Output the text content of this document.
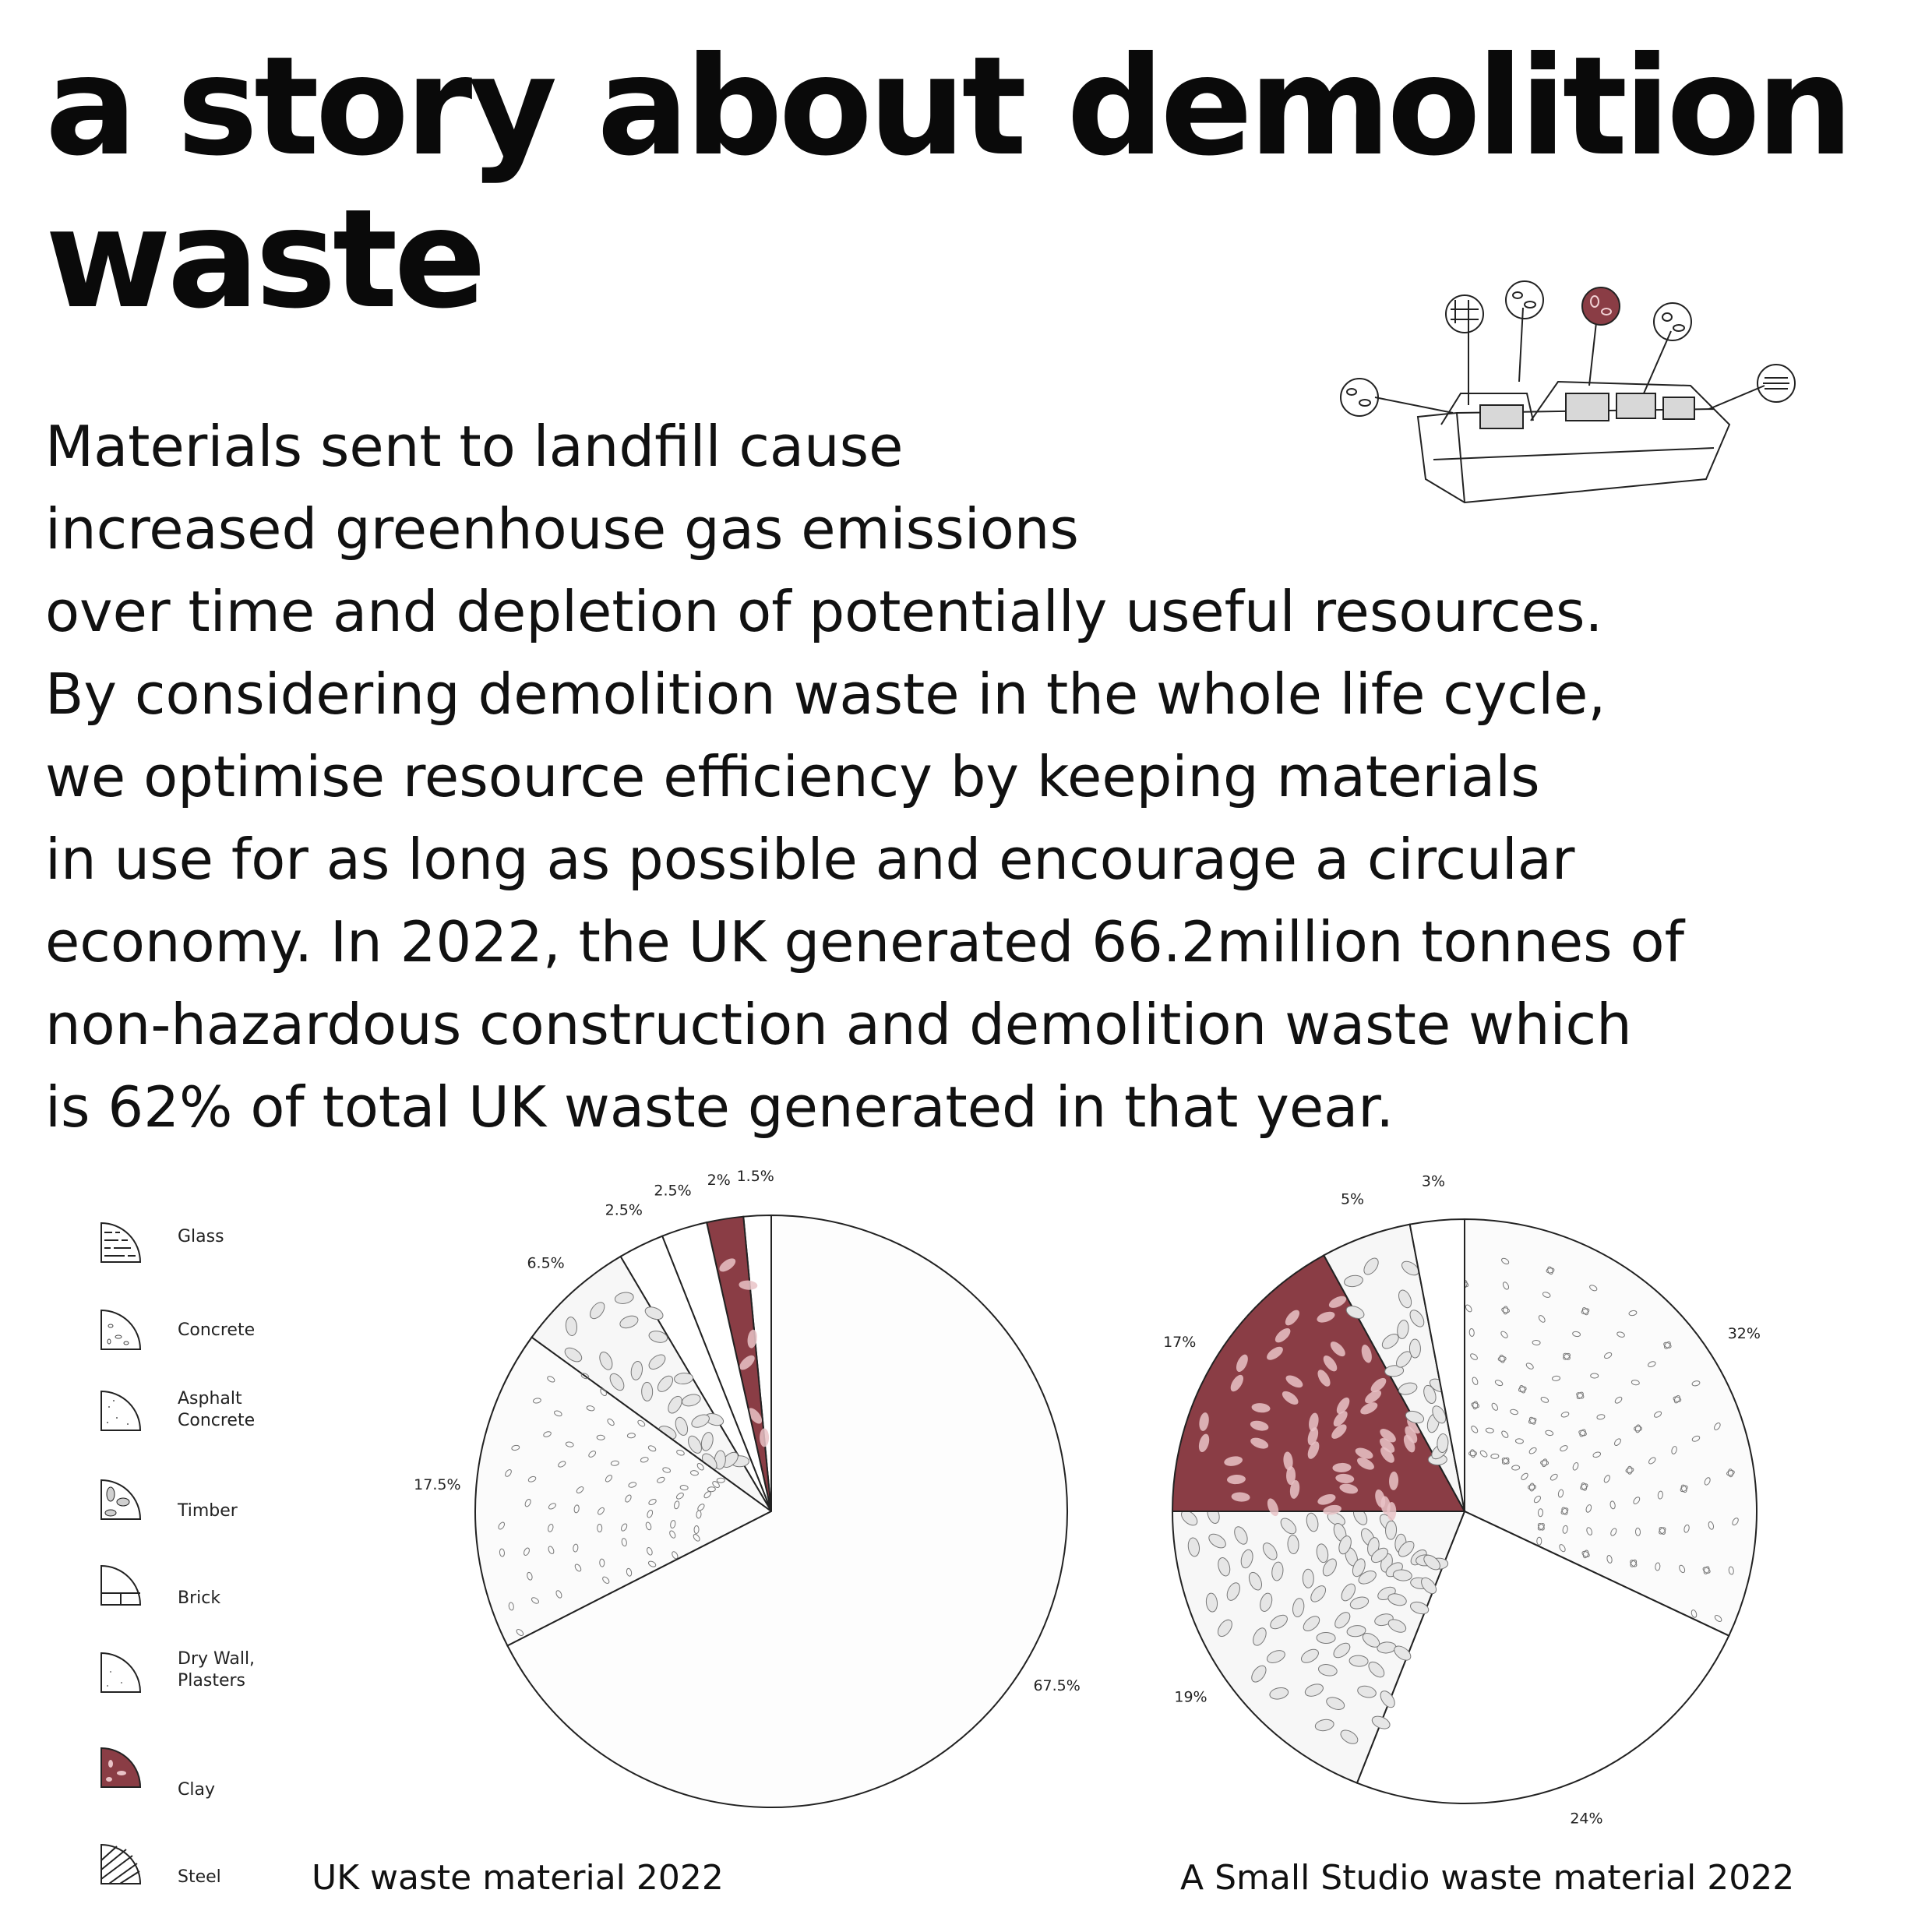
a story about demolition waste

Materials sent to landfill cause
increased greenhouse gas emissions
over time and depletion of potentially useful resources.
By considering demolition waste in the whole life cycle,
we optimise resource efficiency by keeping materials
in use for as long as possible and encourage a circular
economy. In 2022, the UK generated 66.2million tonnes of
non-hazardous construction and demolition waste which
is 62% of total UK waste generated in that year.

Glass
Concrete
Asphalt
Concrete
Timber
Brick
Dry Wall,
Plasters
Clay
Steel
1.5%
2%
2.5%
2.5%
6.5%
17.5%
67.5%
32%
24%
19%
17%
5%
3%
UK waste material 2022	A Small Studio waste material 2022
